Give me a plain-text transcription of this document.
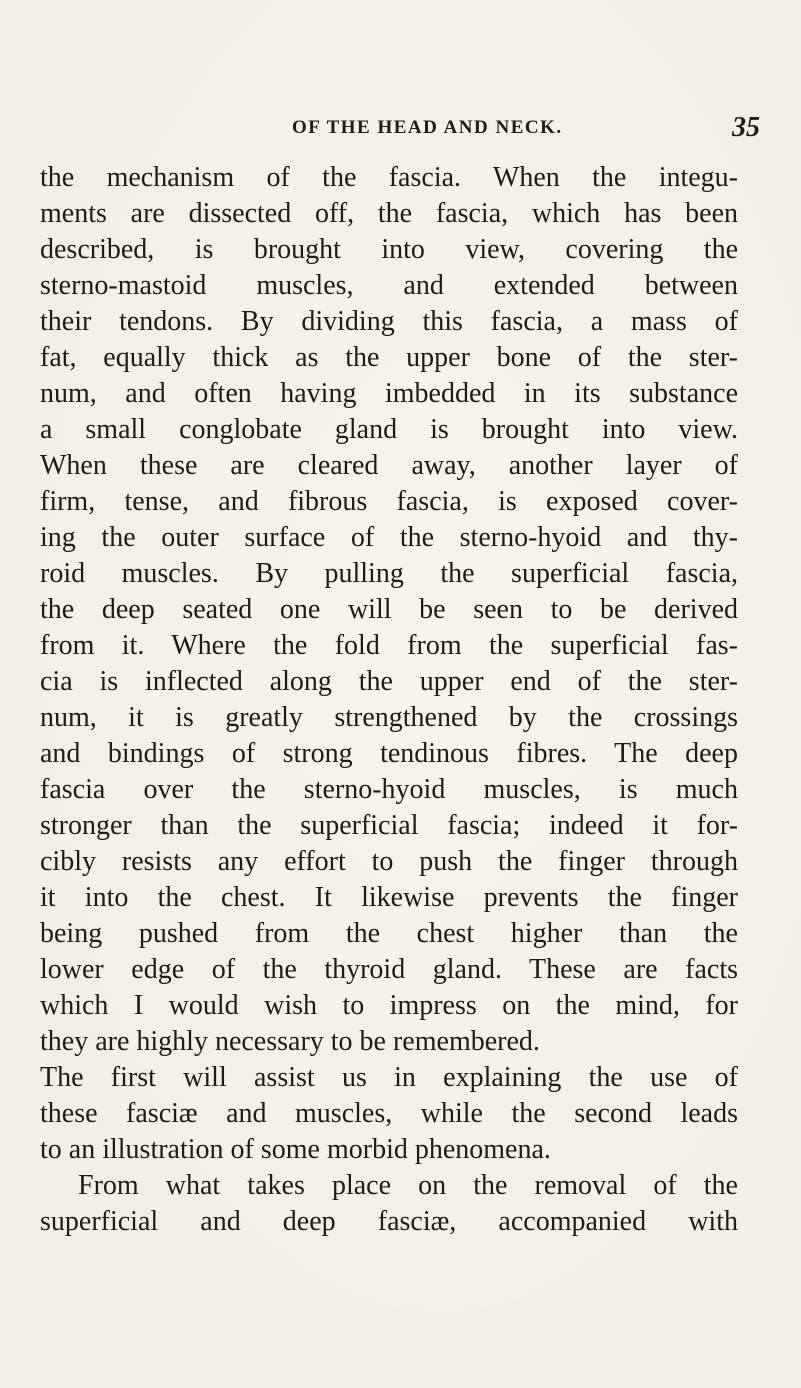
OF THE HEAD AND NECK.	35
the mechanism of the fascia. When the integu-
ments are dissected off, the fascia, which has been
described, is brought into view, covering the
sterno-mastoid muscles, and extended between
their tendons. By dividing this fascia, a mass of
fat, equally thick as the upper bone of the ster-
num, and often having imbedded in its substance
a small conglobate gland is brought into view.
When these are cleared away, another layer of
firm, tense, and fibrous fascia, is exposed cover-
ing the outer surface of the sterno-hyoid and thy-
roid muscles. By pulling the superficial fascia,
the deep seated one will be seen to be derived
from it. Where the fold from the superficial fas-
cia is inflected along the upper end of the ster-
num, it is greatly strengthened by the crossings
and bindings of strong tendinous fibres. The deep
fascia over the sterno-hyoid muscles, is much
stronger than the superficial fascia; indeed it for-
cibly resists any effort to push the finger through
it into the chest. It likewise prevents the finger
being pushed from the chest higher than the
lower edge of the thyroid gland. These are facts
which I would wish to impress on the mind, for
they are highly necessary to be remembered.
The first will assist us in explaining the use of
these fasciæ and muscles, while the second leads
to an illustration of some morbid phenomena.
From what takes place on the removal of the
superficial and deep fasciæ, accompanied with
